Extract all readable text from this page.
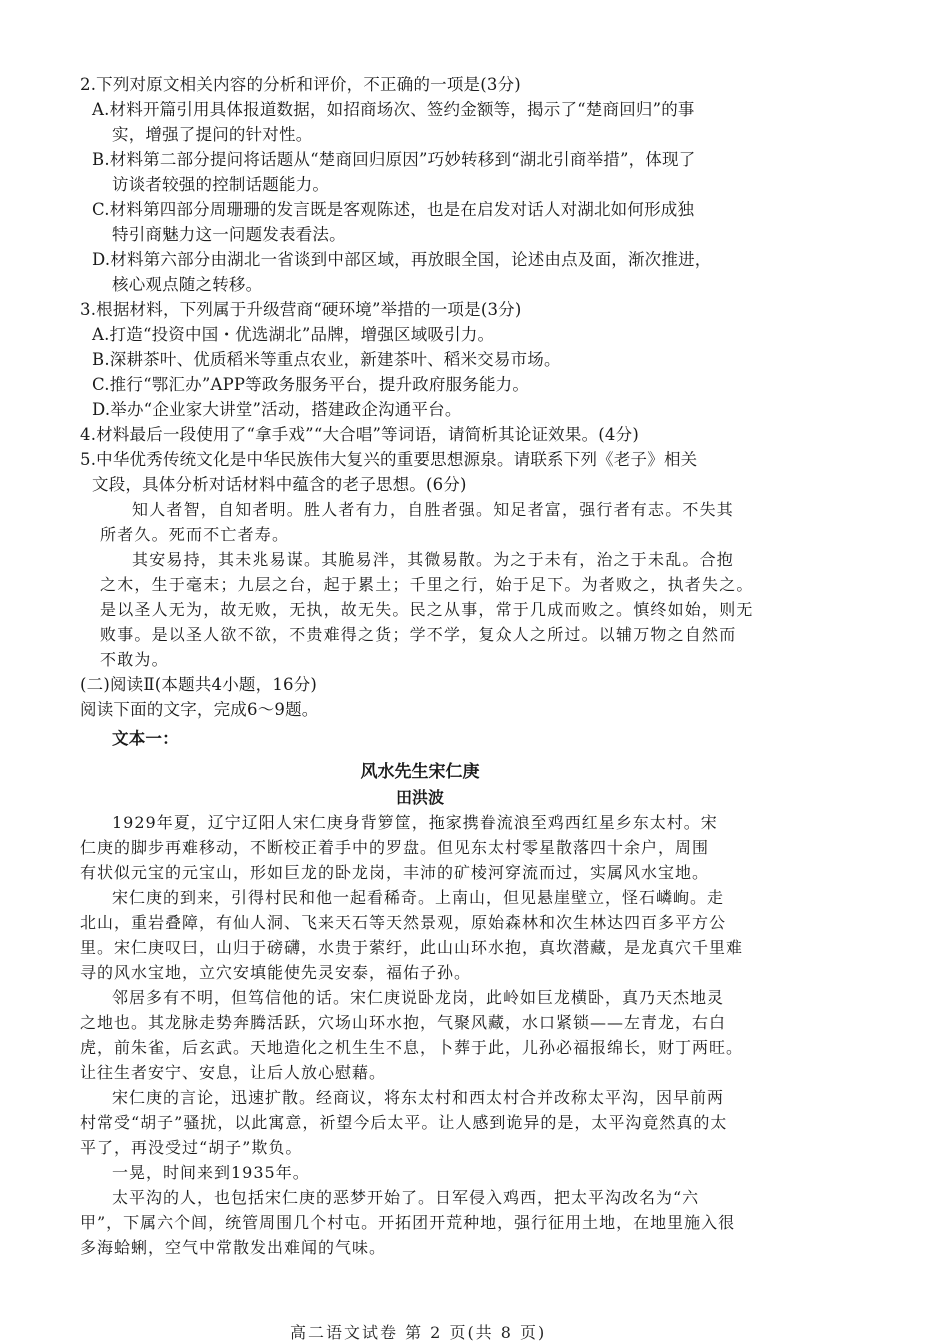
2.下列对原文相关内容的分析和评价，不正确的一项是(3分)
A.材料开篇引用具体报道数据，如招商场次、签约金额等，揭示了“楚商回归”的事
实，增强了提问的针对性。
B.材料第二部分提问将话题从“楚商回归原因”巧妙转移到“湖北引商举措”，体现了
访谈者较强的控制话题能力。
C.材料第四部分周珊珊的发言既是客观陈述，也是在启发对话人对湖北如何形成独
特引商魅力这一问题发表看法。
D.材料第六部分由湖北一省谈到中部区域，再放眼全国，论述由点及面，渐次推进，
核心观点随之转移。
3.根据材料，下列属于升级营商“硬环境”举措的一项是(3分)
A.打造“投资中国・优选湖北”品牌，增强区域吸引力。
B.深耕茶叶、优质稻米等重点农业，新建茶叶、稻米交易市场。
C.推行“鄂汇办”APP等政务服务平台，提升政府服务能力。
D.举办“企业家大讲堂”活动，搭建政企沟通平台。
4.材料最后一段使用了“拿手戏”“大合唱”等词语，请简析其论证效果。(4分)
5.中华优秀传统文化是中华民族伟大复兴的重要思想源泉。请联系下列《老子》相关
文段，具体分析对话材料中蕴含的老子思想。(6分)
知人者智，自知者明。胜人者有力，自胜者强。知足者富，强行者有志。不失其
所者久。死而不亡者寿。
其安易持，其未兆易谋。其脆易泮，其微易散。为之于未有，治之于未乱。合抱
之木，生于毫末；九层之台，起于累土；千里之行，始于足下。为者败之，执者失之。
是以圣人无为，故无败，无执，故无失。民之从事，常于几成而败之。慎终如始，则无
败事。是以圣人欲不欲，不贵难得之货；学不学，复众人之所过。以辅万物之自然而
不敢为。
(二)阅读Ⅱ(本题共4小题，16分)
阅读下面的文字，完成6～9题。
文本一：
风水先生宋仁庚
田洪波
1929年夏，辽宁辽阳人宋仁庚身背箩筐，拖家携眷流浪至鸡西红星乡东太村。宋
仁庚的脚步再难移动，不断校正着手中的罗盘。但见东太村零星散落四十余户，周围
有状似元宝的元宝山，形如巨龙的卧龙岗，丰沛的矿棱河穿流而过，实属风水宝地。
宋仁庚的到来，引得村民和他一起看稀奇。上南山，但见悬崖壁立，怪石嶙峋。走
北山，重岩叠障，有仙人洞、飞来天石等天然景观，原始森林和次生林达四百多平方公
里。宋仁庚叹曰，山归于磅礴，水贵于萦纡，此山山环水抱，真坎潜藏，是龙真穴千里难
寻的风水宝地，立穴安填能使先灵安泰，福佑子孙。
邻居多有不明，但笃信他的话。宋仁庚说卧龙岗，此岭如巨龙横卧，真乃天杰地灵
之地也。其龙脉走势奔腾活跃，穴场山环水抱，气聚风藏，水口紧锁——左青龙，右白
虎，前朱雀，后玄武。天地造化之机生生不息，卜葬于此，儿孙必福报绵长，财丁两旺。
让往生者安宁、安息，让后人放心慰藉。
宋仁庚的言论，迅速扩散。经商议，将东太村和西太村合并改称太平沟，因早前两
村常受“胡子”骚扰，以此寓意，祈望今后太平。让人感到诡异的是，太平沟竟然真的太
平了，再没受过“胡子”欺负。
一晃，时间来到1935年。
太平沟的人，也包括宋仁庚的恶梦开始了。日军侵入鸡西，把太平沟改名为“六
甲”，下属六个闾，统管周围几个村屯。开拓团开荒种地，强行征用土地，在地里施入很
多海蛤蜊，空气中常散发出难闻的气味。
高二语文试卷 第 2 页(共 8 页)
